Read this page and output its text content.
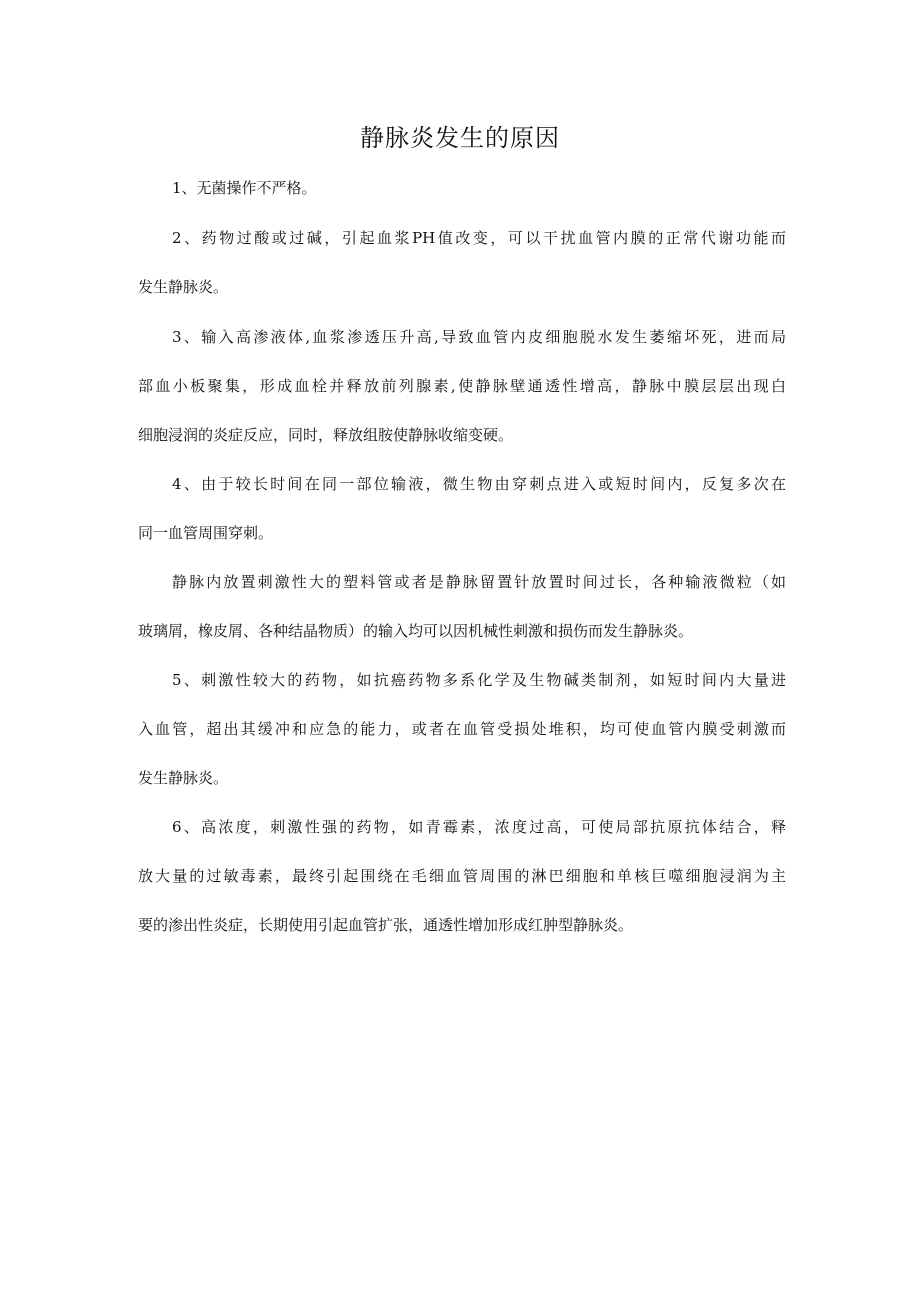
静脉炎发生的原因

1、无菌操作不严格。

2、药物过酸或过碱，引起血浆PH值改变，可以干扰血管内膜的正常代谢功能而

发生静脉炎。

3、输入高渗液体,血浆渗透压升高,导致血管内皮细胞脱水发生萎缩坏死，进而局

部血小板聚集，形成血栓并释放前列腺素,使静脉壁通透性增高，静脉中膜层层出现白

细胞浸润的炎症反应，同时，释放组胺使静脉收缩变硬。

4、由于较长时间在同一部位输液，微生物由穿刺点进入或短时间内，反复多次在

同一血管周围穿刺。

静脉内放置刺激性大的塑料管或者是静脉留置针放置时间过长，各种输液微粒（如

玻璃屑，橡皮屑、各种结晶物质）的输入均可以因机械性刺激和损伤而发生静脉炎。

5、刺激性较大的药物，如抗癌药物多系化学及生物碱类制剂，如短时间内大量进

入血管，超出其缓冲和应急的能力，或者在血管受损处堆积，均可使血管内膜受刺激而

发生静脉炎。

6、高浓度，刺激性强的药物，如青霉素，浓度过高，可使局部抗原抗体结合，释

放大量的过敏毒素，最终引起围绕在毛细血管周围的淋巴细胞和单核巨噬细胞浸润为主

要的渗出性炎症，长期使用引起血管扩张，通透性增加形成红肿型静脉炎。
